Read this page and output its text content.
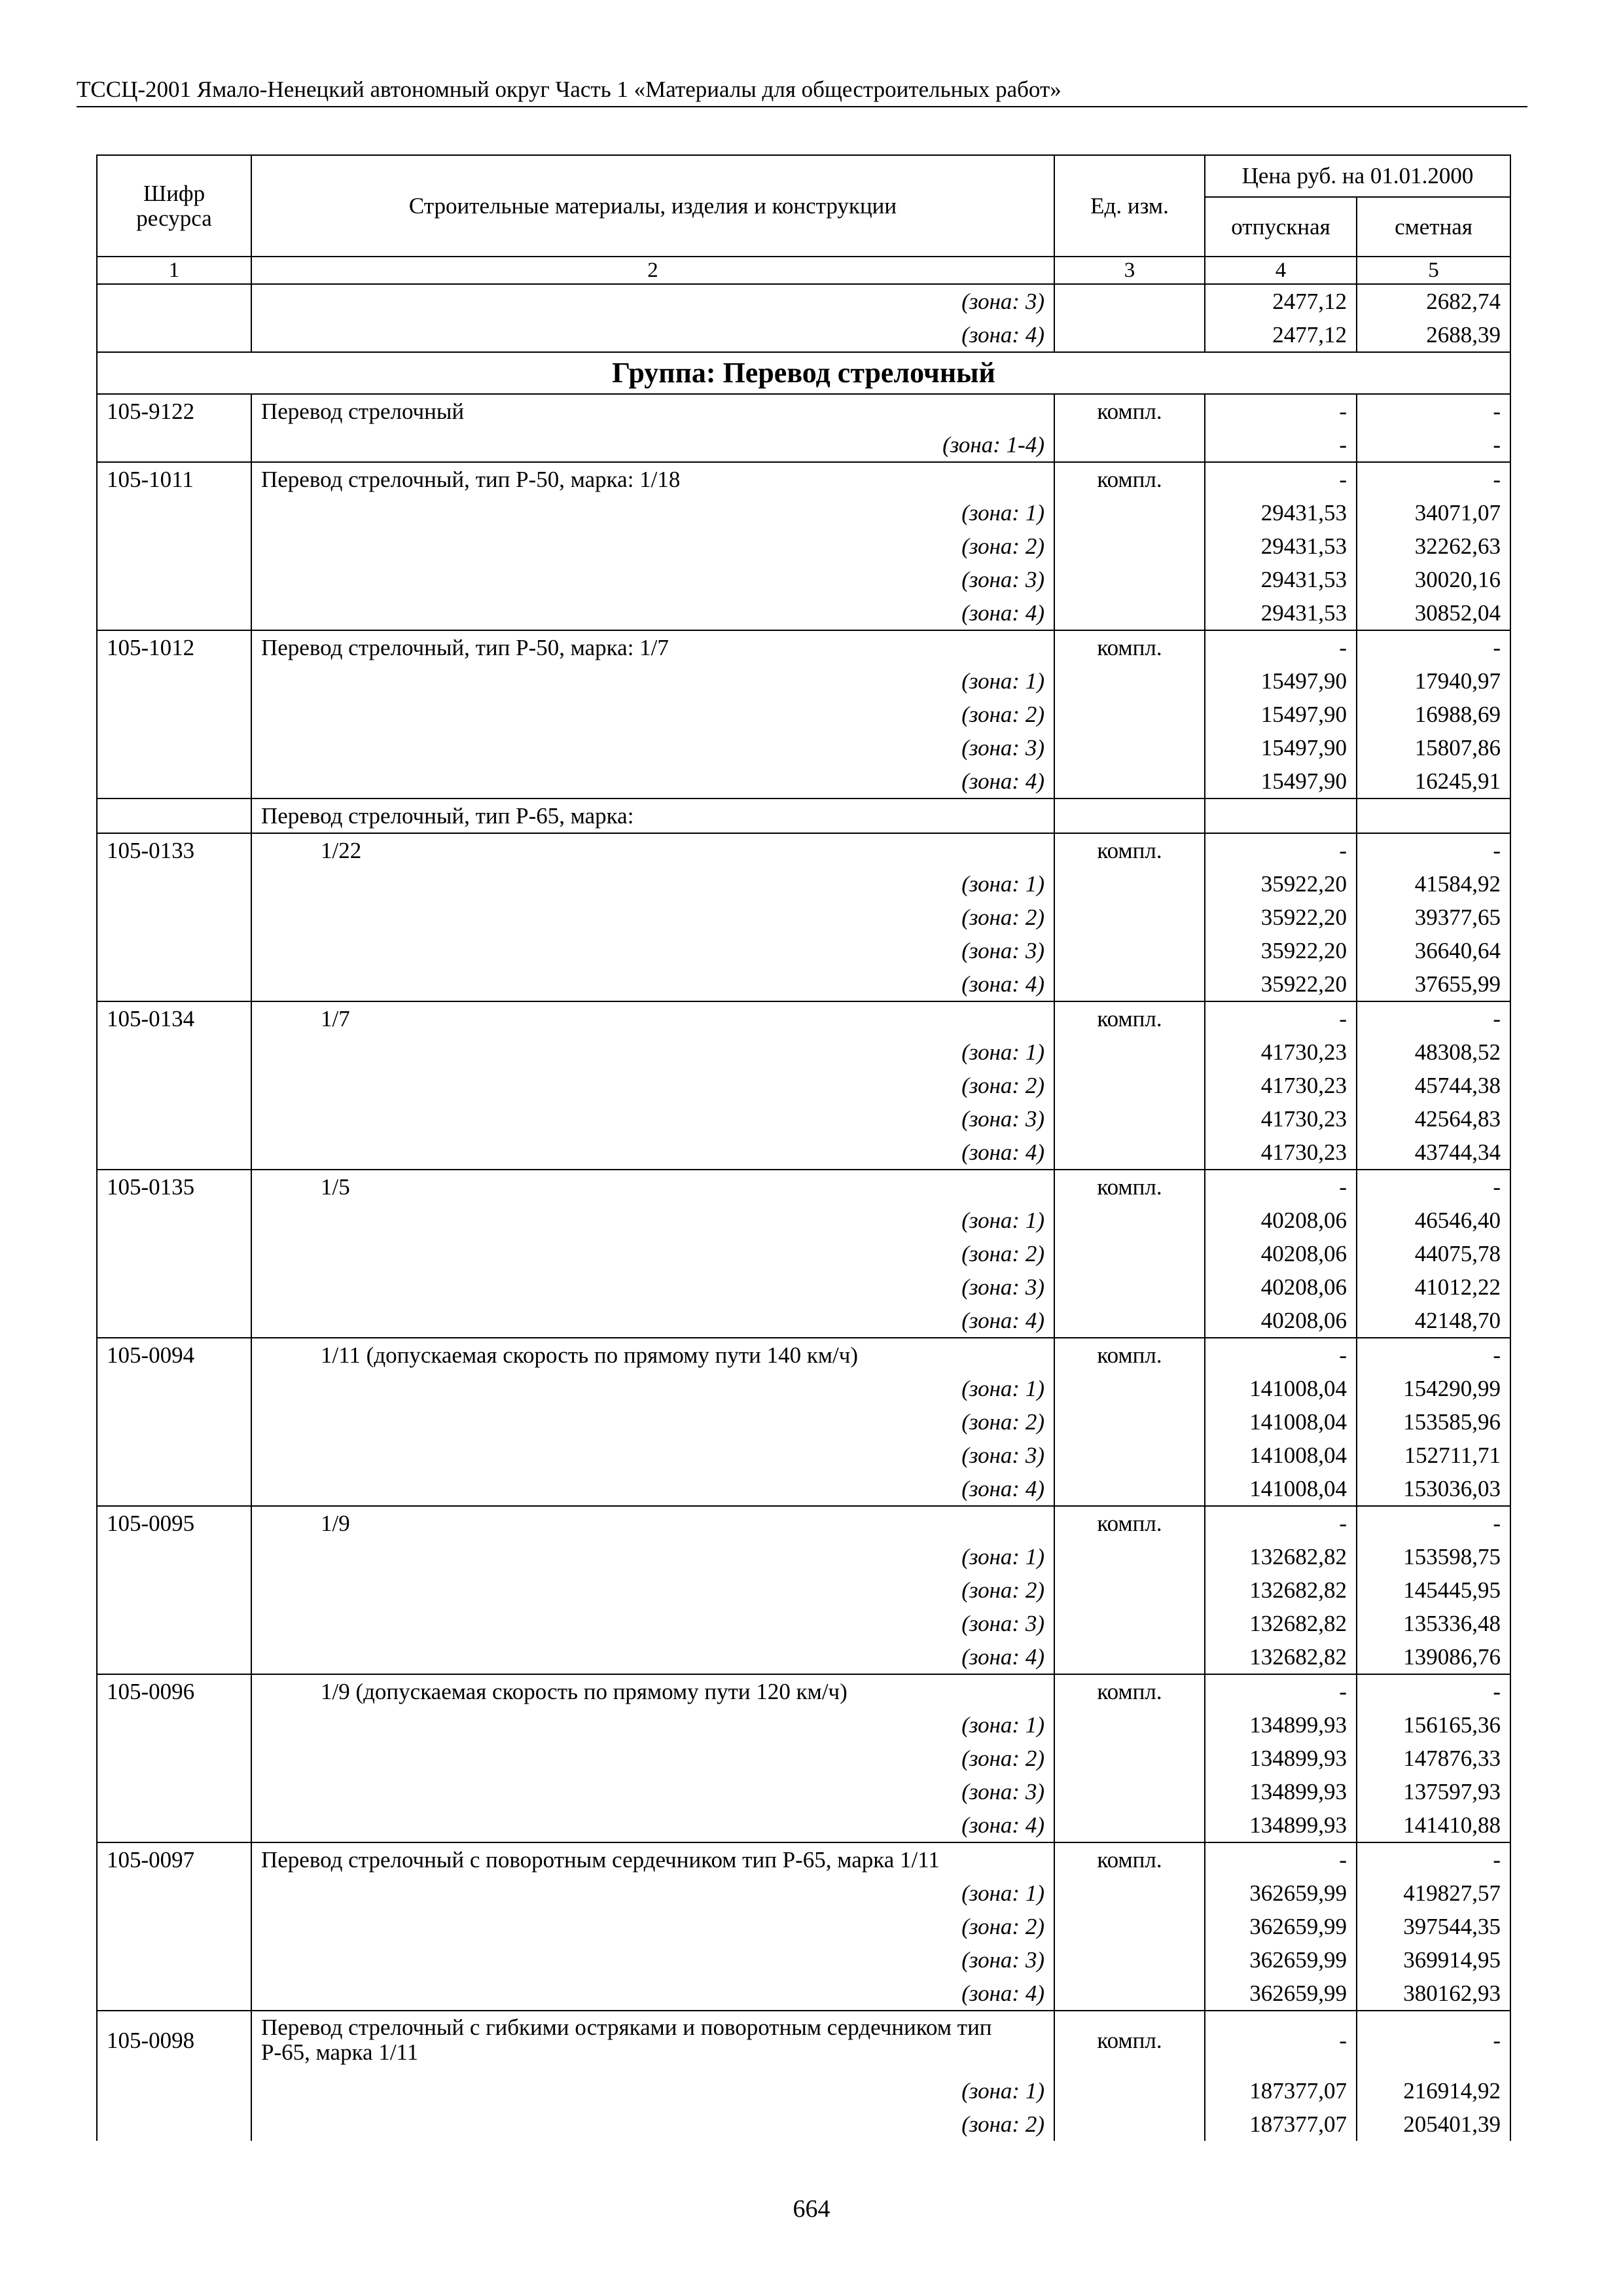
ТССЦ-2001 Ямало-Ненецкий автономный округ Часть 1 «Материалы для общестроительных работ»
Шифр ресурса	Строительные материалы, изделия и конструкции	Ед. изм.	Цена руб. на 01.01.2000	
			отпускная	сметная
1	2	3	4	5
	(зона: 3)		2477,12	2682,74
	(зона: 4)		2477,12	2688,39
Группа: Перевод стрелочный				
105-9122	Перевод стрелочный	компл.	-	-
	(зона: 1-4)		-	-
105-1011	Перевод стрелочный, тип Р-50, марка: 1/18	компл.	-	-
	(зона: 1)		29431,53	34071,07
	(зона: 2)		29431,53	32262,63
	(зона: 3)		29431,53	30020,16
	(зона: 4)		29431,53	30852,04
105-1012	Перевод стрелочный, тип Р-50, марка: 1/7	компл.	-	-
	(зона: 1)		15497,90	17940,97
	(зона: 2)		15497,90	16988,69
	(зона: 3)		15497,90	15807,86
	(зона: 4)		15497,90	16245,91
	Перевод стрелочный, тип Р-65, марка:			
105-0133	1/22	компл.	-	-
	(зона: 1)		35922,20	41584,92
	(зона: 2)		35922,20	39377,65
	(зона: 3)		35922,20	36640,64
	(зона: 4)		35922,20	37655,99
105-0134	1/7	компл.	-	-
	(зона: 1)		41730,23	48308,52
	(зона: 2)		41730,23	45744,38
	(зона: 3)		41730,23	42564,83
	(зона: 4)		41730,23	43744,34
105-0135	1/5	компл.	-	-
	(зона: 1)		40208,06	46546,40
	(зона: 2)		40208,06	44075,78
	(зона: 3)		40208,06	41012,22
	(зона: 4)		40208,06	42148,70
105-0094	1/11 (допускаемая скорость по прямому пути 140 км/ч)	компл.	-	-
	(зона: 1)		141008,04	154290,99
	(зона: 2)		141008,04	153585,96
	(зона: 3)		141008,04	152711,71
	(зона: 4)		141008,04	153036,03
105-0095	1/9	компл.	-	-
	(зона: 1)		132682,82	153598,75
	(зона: 2)		132682,82	145445,95
	(зона: 3)		132682,82	135336,48
	(зона: 4)		132682,82	139086,76
105-0096	1/9 (допускаемая скорость по прямому пути 120 км/ч)	компл.	-	-
	(зона: 1)		134899,93	156165,36
	(зона: 2)		134899,93	147876,33
	(зона: 3)		134899,93	137597,93
	(зона: 4)		134899,93	141410,88
105-0097	Перевод стрелочный с поворотным сердечником тип Р-65, марка 1/11	компл.	-	-
	(зона: 1)		362659,99	419827,57
	(зона: 2)		362659,99	397544,35
	(зона: 3)		362659,99	369914,95
	(зона: 4)		362659,99	380162,93
105-0098	Перевод стрелочный с гибкими остряками и поворотным сердечником тип Р-65, марка 1/11	компл.	-	-
	(зона: 1)		187377,07	216914,92
	(зона: 2)		187377,07	205401,39
664
